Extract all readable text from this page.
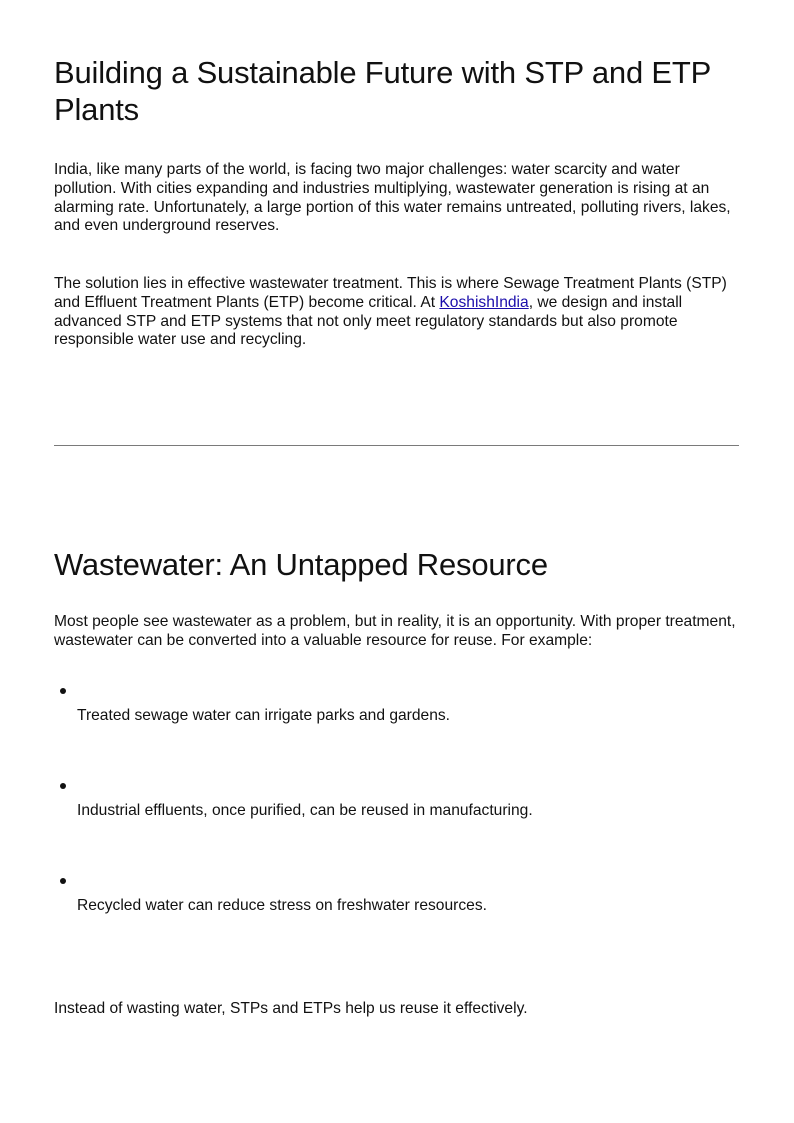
Building a Sustainable Future with STP and ETP Plants

India, like many parts of the world, is facing two major challenges: water scarcity and water pollution. With cities expanding and industries multiplying, wastewater generation is rising at an alarming rate. Unfortunately, a large portion of this water remains untreated, polluting rivers, lakes, and even underground reserves.

The solution lies in effective wastewater treatment. This is where Sewage Treatment Plants (STP) and Effluent Treatment Plants (ETP) become critical. At KoshishIndia, we design and install advanced STP and ETP systems that not only meet regulatory standards but also promote responsible water use and recycling.

Wastewater: An Untapped Resource

Most people see wastewater as a problem, but in reality, it is an opportunity. With proper treatment, wastewater can be converted into a valuable resource for reuse. For example:

Treated sewage water can irrigate parks and gardens.
Industrial effluents, once purified, can be reused in manufacturing.
Recycled water can reduce stress on freshwater resources.

Instead of wasting water, STPs and ETPs help us reuse it effectively.
